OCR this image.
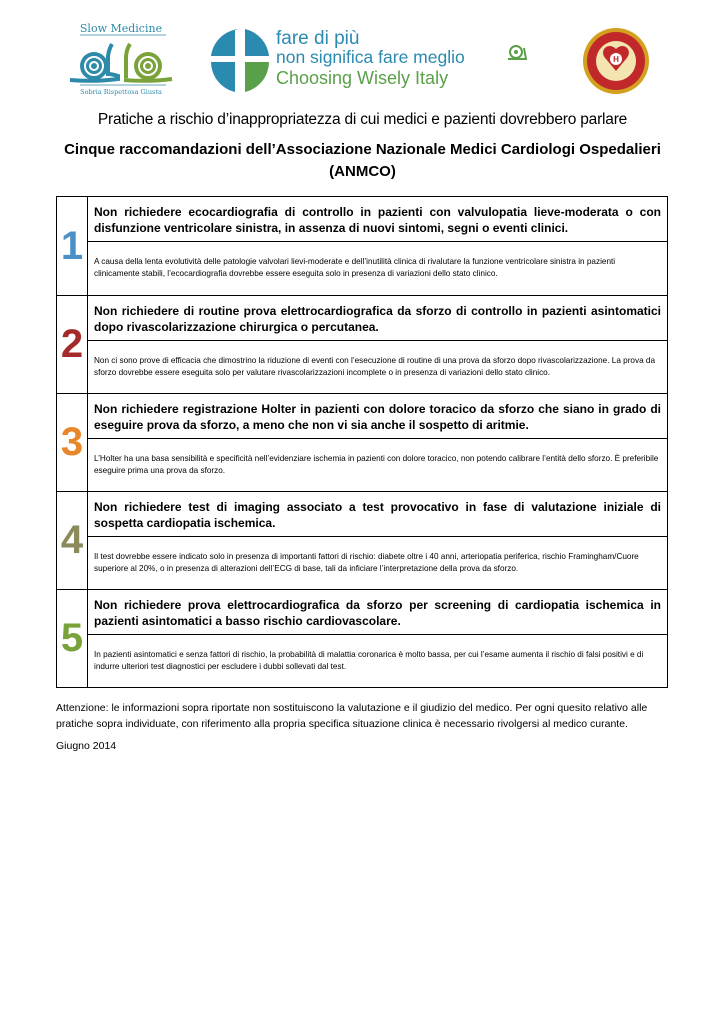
Slow Medicine
Sobria Rispettosa Giusta
fare di più
non significa fare meglio
Choosing Wisely Italy
H
Pratiche a rischio d’inappropriatezza di cui medici e pazienti dovrebbero parlare
Cinque raccomandazioni dell’Associazione Nazionale Medici Cardiologi Ospedalieri (ANMCO)
1
Non richiedere ecocardiografia di controllo in pazienti con valvulopatia lieve-moderata o con disfunzione ventricolare sinistra, in assenza di nuovi sintomi, segni o eventi clinici.
A causa della lenta evolutività delle patologie valvolari lievi-moderate e dell’inutilità clinica di rivalutare la funzione ventricolare sinistra in pazienti clinicamente stabili, l’ecocardiografia dovrebbe essere eseguita solo in presenza di variazioni dello stato clinico.
2
Non richiedere di routine prova elettrocardiografica da sforzo di controllo in pazienti asintomatici dopo rivascolarizzazione chirurgica o percutanea.
Non ci sono prove di efficacia che dimostrino la riduzione di eventi con l’esecuzione di routine di una prova da sforzo dopo rivascolarizzazione. La prova da sforzo dovrebbe essere eseguita solo per valutare rivascolarizzazioni incomplete o in presenza di variazioni dello stato clinico.
3
Non richiedere registrazione Holter in pazienti con dolore toracico da sforzo che siano in grado di eseguire prova da sforzo, a meno che non vi sia anche il sospetto di aritmie.
L’Holter ha una basa sensibilità e specificità nell’evidenziare ischemia in pazienti con dolore toracico, non potendo calibrare l’entità dello sforzo. È preferibile eseguire prima una prova da sforzo.
4
Non richiedere test di imaging associato a test provocativo in fase di valutazione iniziale di sospetta cardiopatia ischemica.
Il test dovrebbe essere indicato solo in presenza di importanti fattori di rischio: diabete oltre i 40 anni, arteriopatia periferica, rischio Framingham/Cuore superiore al 20%, o in presenza di alterazioni dell’ECG di base, tali da inficiare l’interpretazione della prova da sforzo.
5
Non richiedere prova elettrocardiografica da sforzo per screening di cardiopatia ischemica in pazienti asintomatici a basso rischio cardiovascolare.
In pazienti asintomatici e senza fattori di rischio, la probabilità di malattia coronarica è molto bassa, per cui l’esame aumenta il rischio di falsi positivi e di indurre ulteriori test diagnostici per escludere i dubbi sollevati dal test.
Attenzione: le informazioni sopra riportate non sostituiscono la valutazione e il giudizio del medico. Per ogni quesito relativo alle pratiche sopra individuate, con riferimento alla propria specifica situazione clinica è necessario rivolgersi al medico curante.
Giugno 2014
